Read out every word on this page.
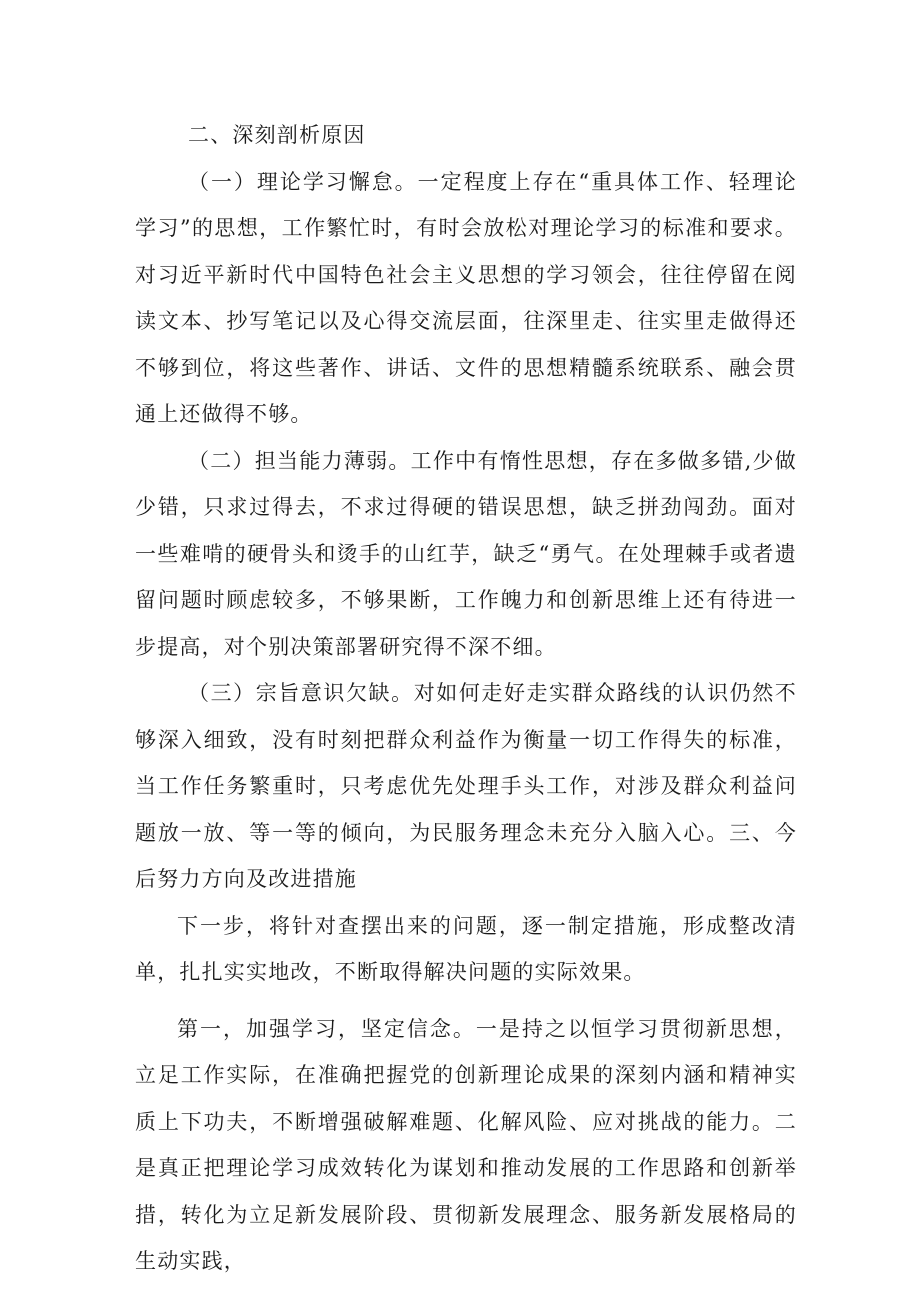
二、深刻剖析原因

（一）理论学习懈怠。一定程度上存在“重具体工作、轻理论学习”的思想，工作繁忙时，有时会放松对理论学习的标准和要求。对习近平新时代中国特色社会主义思想的学习领会，往往停留在阅读文本、抄写笔记以及心得交流层面，往深里走、往实里走做得还不够到位，将这些著作、讲话、文件的思想精髓系统联系、融会贯通上还做得不够。

（二）担当能力薄弱。工作中有惰性思想，存在多做多错,少做少错，只求过得去，不求过得硬的错误思想，缺乏拼劲闯劲。面对一些难啃的硬骨头和烫手的山红芋，缺乏“勇气。在处理棘手或者遗留问题时顾虑较多，不够果断，工作魄力和创新思维上还有待进一步提高，对个别决策部署研究得不深不细。

（三）宗旨意识欠缺。对如何走好走实群众路线的认识仍然不够深入细致，没有时刻把群众利益作为衡量一切工作得失的标准，当工作任务繁重时，只考虑优先处理手头工作，对涉及群众利益问题放一放、等一等的倾向，为民服务理念未充分入脑入心。三、今后努力方向及改进措施

下一步，将针对查摆出来的问题，逐一制定措施，形成整改清单，扎扎实实地改，不断取得解决问题的实际效果。

第一，加强学习，坚定信念。一是持之以恒学习贯彻新思想，立足工作实际，在准确把握党的创新理论成果的深刻内涵和精神实质上下功夫，不断增强破解难题、化解风险、应对挑战的能力。二是真正把理论学习成效转化为谋划和推动发展的工作思路和创新举措，转化为立足新发展阶段、贯彻新发展理念、服务新发展格局的生动实践，
